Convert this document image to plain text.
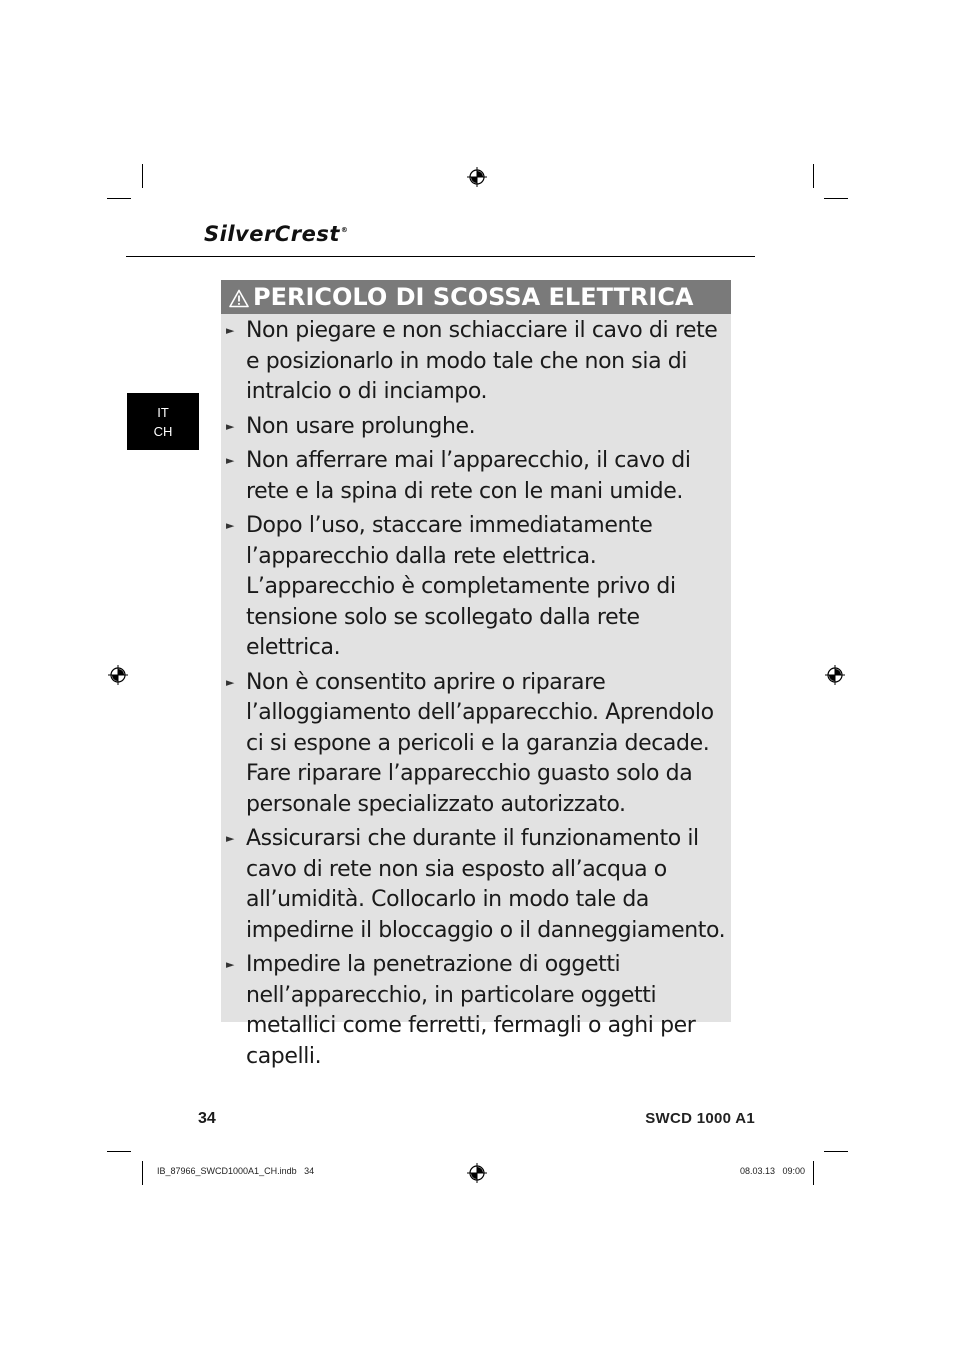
SilverCrest®
IT
CH
PERICOLO DI SCOSSA ELETTRICA
► Non piegare e non schiacciare il cavo di rete e posizionarlo in modo tale che non sia di intralcio o di inciampo.
► Non usare prolunghe.
► Non afferrare mai l’apparecchio, il cavo di rete e la spina di rete con le mani umide.
► Dopo l’uso, staccare immediatamente l’apparecchio dalla rete elettrica. L’apparecchio è completamente privo di tensione solo se scollegato dalla rete elettrica.
► Non è consentito aprire o riparare l’alloggiamento dell’apparecchio. Aprendolo ci si espone a pericoli e la garanzia decade. Fare riparare l’apparecchio guasto solo da personale specializzato autorizzato.
► Assicurarsi che durante il funzionamento il cavo di rete non sia esposto all’acqua o all’umidità. Collocarlo in modo tale da impedirne il bloccaggio o il danneggiamento.
► Impedire la penetrazione di oggetti nell’apparecchio, in particolare oggetti metallici come ferretti, fermagli o aghi per capelli.
34	SWCD 1000 A1
IB_87966_SWCD1000A1_CH.indb   34	08.03.13   09:00
